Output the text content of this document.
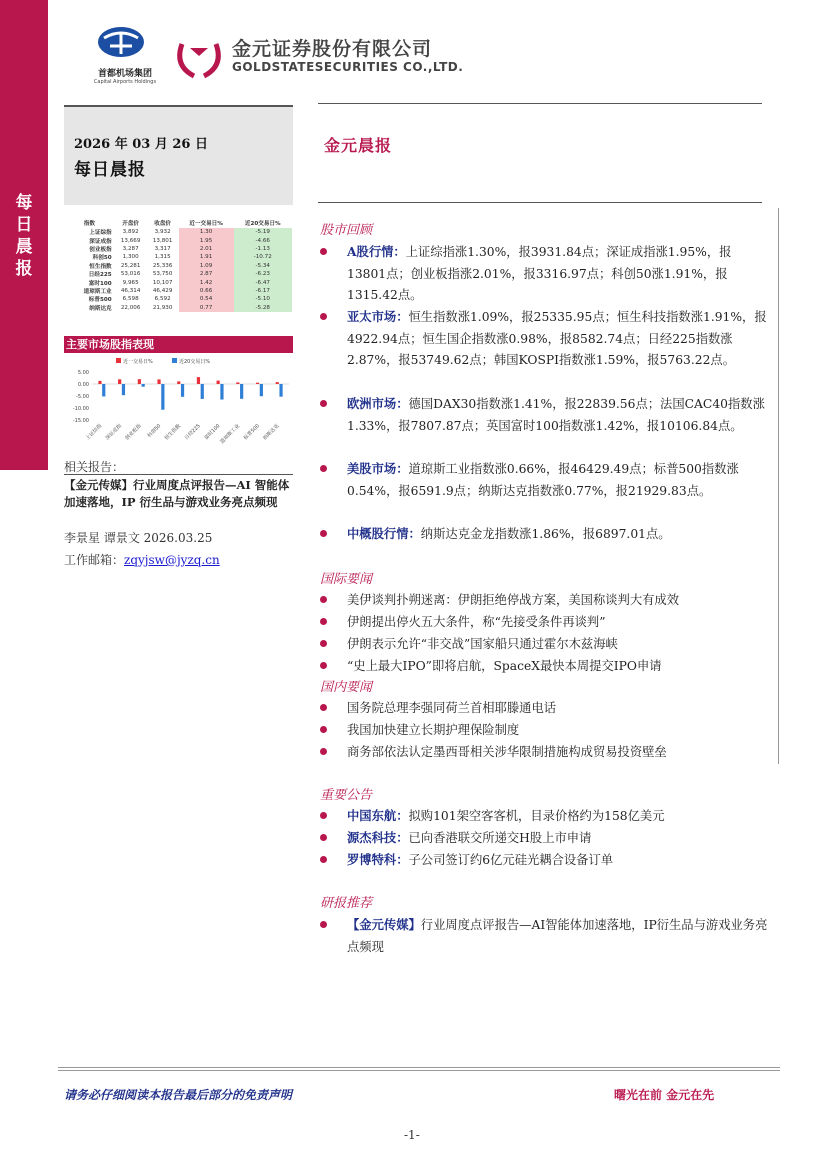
每日晨报
首都机场集团
Capital Airports Holdings
金元证券股份有限公司
GOLDSTATESECURITIES CO.,LTD.
2026 年 03 月 26 日
每日晨报
金元晨报
指数	开盘价	收盘价	近一交易日%	近20交易日%
上证综指	3,892	3,932	1.30	-5.19
深证成指	13,669	13,801	1.95	-4.66
创业板指	3,287	3,317	2.01	-1.13
科创50	1,300	1,315	1.91	-10.72
恒生指数	25,281	25,336	1.09	-5.34
日经225	53,016	53,750	2.87	-6.23
富时100	9,965	10,107	1.42	-6.47
道琼斯工业	46,314	46,429	0.66	-6.17
标普500	6,598	6,592	0.54	-5.10
纳斯达克	22,006	21,930	0.77	-5.28
主要市场股指表现
近一交易日%	近20交易日%
5.00
0.00
-5.00
-10.00
-15.00
上证综指 深证成指 创业板指 科创50 恒生指数 日经225 富时100
道琼斯工业 标普500 纳斯达克
相关报告：
【金元传媒】行业周度点评报告—AI 智能体加速落地，IP 衍生品与游戏业务亮点频现
李景星 谭景文 2026.03.25
工作邮箱：zqyjsw@jyzq.cn
股市回顾
国际要闻
国内要闻
重要公告
研报推荐
请务必仔细阅读本报告最后部分的免责声明	曙光在前 金元在先
-1-
A股行情：上证综指涨1.30%，报3931.84点；深证成指涨1.95%，报13801点；创业板指涨2.01%，报3316.97点；科创50涨1.91%，报1315.42点。
亚太市场：恒生指数涨1.09%，报25335.95点；恒生科技指数涨1.91%，报4922.94点；恒生国企指数涨0.98%，报8582.74点；日经225指数涨2.87%，报53749.62点；韩国KOSPI指数涨1.59%，报5763.22点。
欧洲市场：德国DAX30指数涨1.41%，报22839.56点；法国CAC40指数涨1.33%，报7807.87点；英国富时100指数涨1.42%，报10106.84点。
美股市场：道琼斯工业指数涨0.66%，报46429.49点；标普500指数涨0.54%，报6591.9点；纳斯达克指数涨0.77%，报21929.83点。
中概股行情：纳斯达克金龙指数涨1.86%，报6897.01点。
美伊谈判扑朔迷离：伊朗拒绝停战方案，美国称谈判大有成效
伊朗提出停火五大条件，称“先接受条件再谈判”
伊朗表示允许“非交战”国家船只通过霍尔木兹海峡
“史上最大IPO”即将启航，SpaceX最快本周提交IPO申请
国务院总理李强同荷兰首相耶滕通电话
我国加快建立长期护理保险制度
商务部依法认定墨西哥相关涉华限制措施构成贸易投资壁垒
中国东航：拟购101架空客客机，目录价格约为158亿美元
源杰科技：已向香港联交所递交H股上市申请
罗博特科：子公司签订约6亿元硅光耦合设备订单
【金元传媒】行业周度点评报告—AI智能体加速落地，IP衍生品与游戏业务亮点频现
